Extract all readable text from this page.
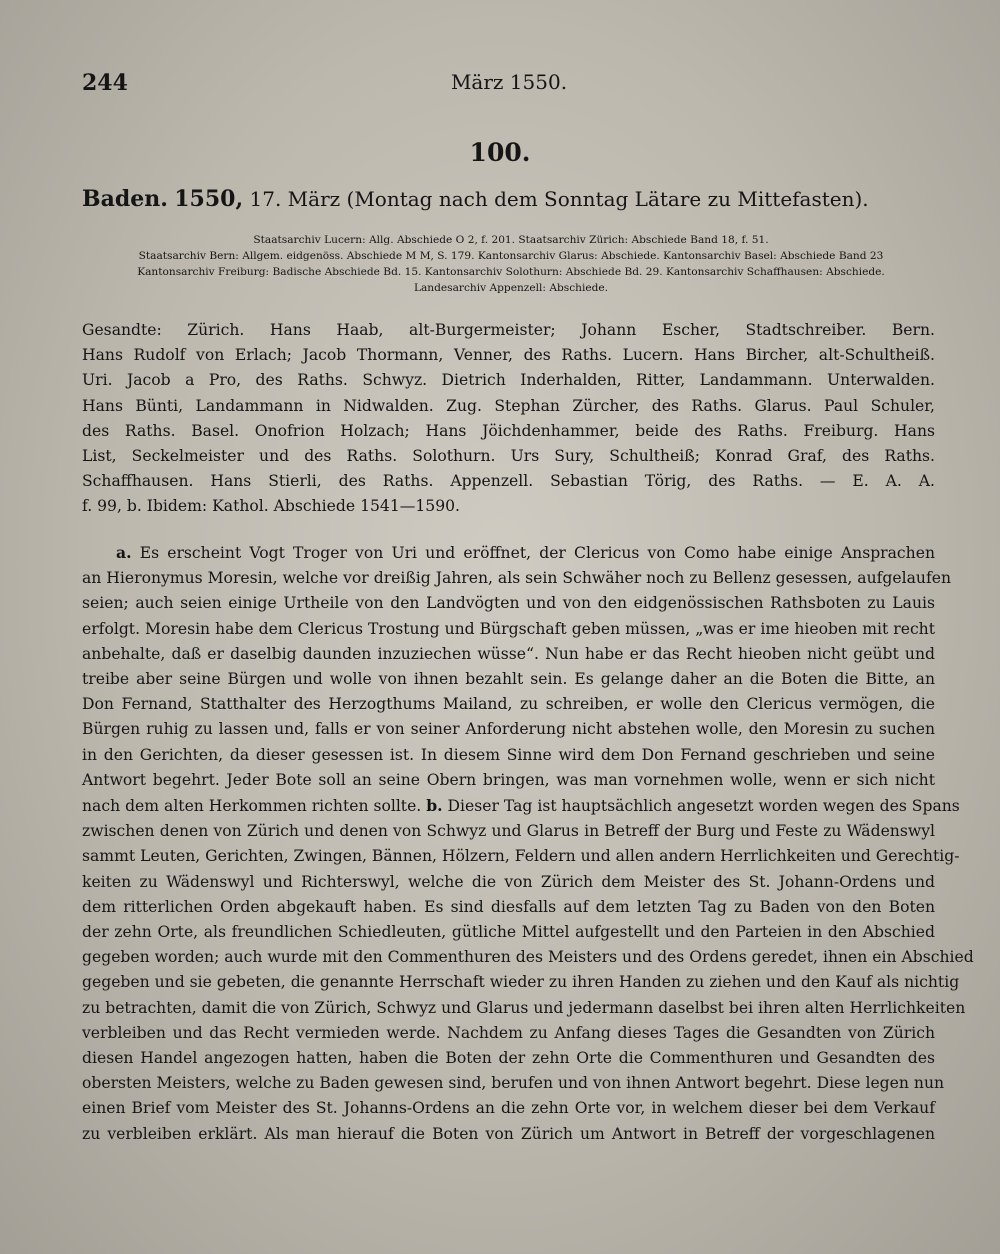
244	März 1550.
100.
Baden. 1550, 17. März (Montag nach dem Sonntag Lätare zu Mittefasten).
Staatsarchiv Lucern: Allg. Abschiede O 2, f. 201. Staatsarchiv Zürich: Abschiede Band 18, f. 51.
Staatsarchiv Bern: Allgem. eidgenöss. Abschiede M M, S. 179. Kantonsarchiv Glarus: Abschiede. Kantonsarchiv Basel: Abschiede Band 23
Kantonsarchiv Freiburg: Badische Abschiede Bd. 15. Kantonsarchiv Solothurn: Abschiede Bd. 29. Kantonsarchiv Schaffhausen: Abschiede.
Landesarchiv Appenzell: Abschiede.
Gesandte: Zürich. Hans Haab, alt-Burgermeister; Johann Escher, Stadtschreiber. Bern.
Hans Rudolf von Erlach; Jacob Thormann, Venner, des Raths. Lucern. Hans Bircher, alt-Schultheiß.
Uri. Jacob a Pro, des Raths. Schwyz. Dietrich Inderhalden, Ritter, Landammann. Unterwalden.
Hans Bünti, Landammann in Nidwalden. Zug. Stephan Zürcher, des Raths. Glarus. Paul Schuler,
des Raths. Basel. Onofrion Holzach; Hans Jöichdenhammer, beide des Raths. Freiburg. Hans
List, Seckelmeister und des Raths. Solothurn. Urs Sury, Schultheiß; Konrad Graf, des Raths.
Schaffhausen. Hans Stierli, des Raths. Appenzell. Sebastian Törig, des Raths. — E. A. A.
f. 99, b. Ibidem: Kathol. Abschiede 1541—1590.
a. Es erscheint Vogt Troger von Uri und eröffnet, der Clericus von Como habe einige Ansprachen
an Hieronymus Moresin, welche vor dreißig Jahren, als sein Schwäher noch zu Bellenz gesessen, aufgelaufen
seien; auch seien einige Urtheile von den Landvögten und von den eidgenössischen Rathsboten zu Lauis
erfolgt. Moresin habe dem Clericus Trostung und Bürgschaft geben müssen, „was er ime hieoben mit recht
anbehalte, daß er daselbig daunden inzuziechen wüsse“. Nun habe er das Recht hieoben nicht geübt und
treibe aber seine Bürgen und wolle von ihnen bezahlt sein. Es gelange daher an die Boten die Bitte, an
Don Fernand, Statthalter des Herzogthums Mailand, zu schreiben, er wolle den Clericus vermögen, die
Bürgen ruhig zu lassen und, falls er von seiner Anforderung nicht abstehen wolle, den Moresin zu suchen
in den Gerichten, da dieser gesessen ist. In diesem Sinne wird dem Don Fernand geschrieben und seine
Antwort begehrt. Jeder Bote soll an seine Obern bringen, was man vornehmen wolle, wenn er sich nicht
nach dem alten Herkommen richten sollte. b. Dieser Tag ist hauptsächlich angesetzt worden wegen des Spans
zwischen denen von Zürich und denen von Schwyz und Glarus in Betreff der Burg und Feste zu Wädenswyl
sammt Leuten, Gerichten, Zwingen, Bännen, Hölzern, Feldern und allen andern Herrlichkeiten und Gerechtig-
keiten zu Wädenswyl und Richterswyl, welche die von Zürich dem Meister des St. Johann-Ordens und
dem ritterlichen Orden abgekauft haben. Es sind diesfalls auf dem letzten Tag zu Baden von den Boten
der zehn Orte, als freundlichen Schiedleuten, gütliche Mittel aufgestellt und den Parteien in den Abschied
gegeben worden; auch wurde mit den Commenthuren des Meisters und des Ordens geredet, ihnen ein Abschied
gegeben und sie gebeten, die genannte Herrschaft wieder zu ihren Handen zu ziehen und den Kauf als nichtig
zu betrachten, damit die von Zürich, Schwyz und Glarus und jedermann daselbst bei ihren alten Herrlichkeiten
verbleiben und das Recht vermieden werde. Nachdem zu Anfang dieses Tages die Gesandten von Zürich
diesen Handel angezogen hatten, haben die Boten der zehn Orte die Commenthuren und Gesandten des
obersten Meisters, welche zu Baden gewesen sind, berufen und von ihnen Antwort begehrt. Diese legen nun
einen Brief vom Meister des St. Johanns-Ordens an die zehn Orte vor, in welchem dieser bei dem Verkauf
zu verbleiben erklärt. Als man hierauf die Boten von Zürich um Antwort in Betreff der vorgeschlagenen
